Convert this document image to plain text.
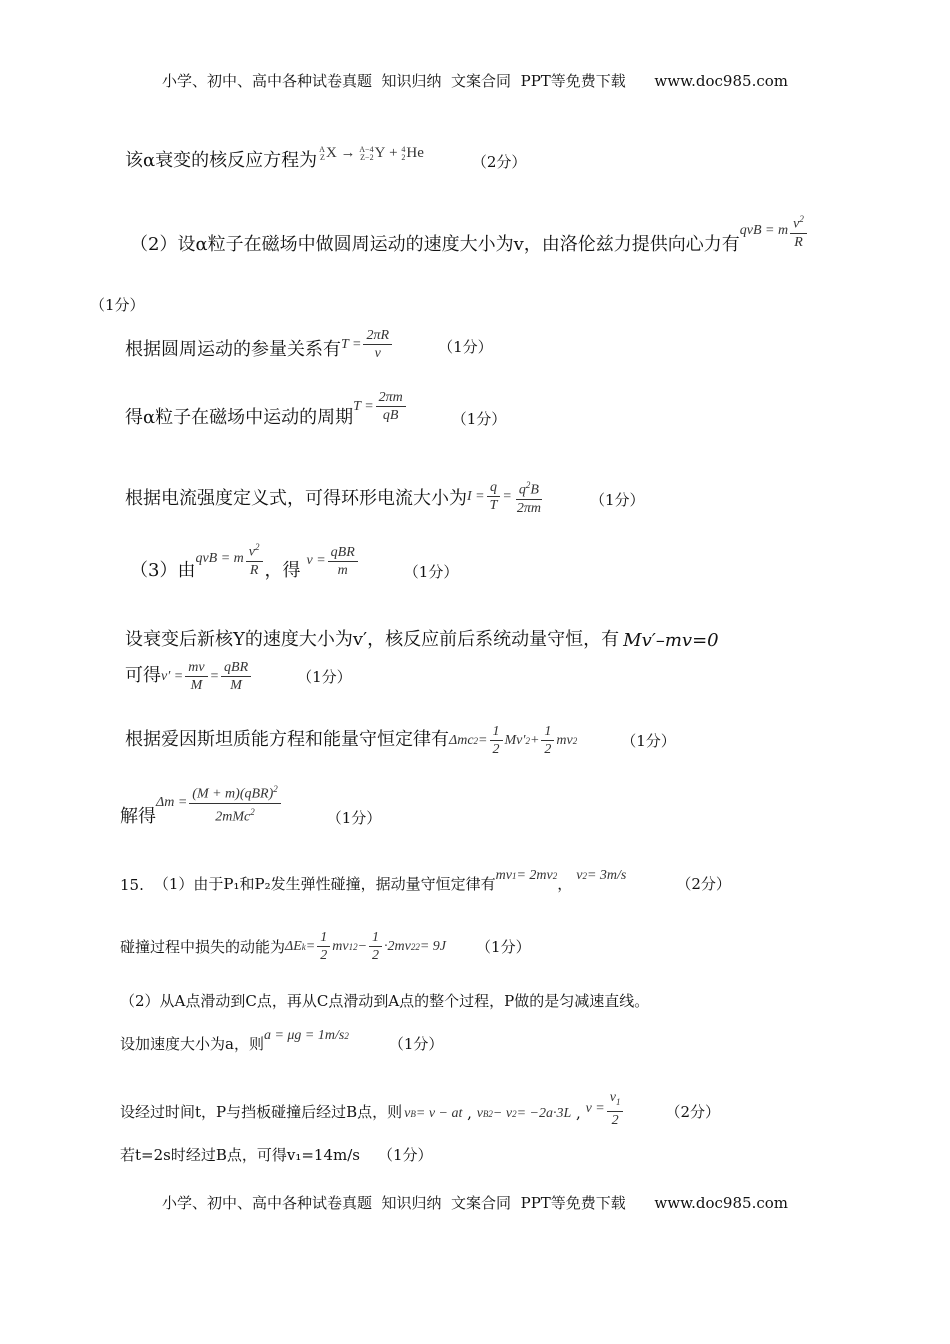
小学、初中、高中各种试卷真题  知识归纳  文案合同  PPT等免费下载      www.doc985.com
该α衰变的核反应方程为
A
Z X → A−4
Z−2 Y + 4
2 He	（2分）
（2）设α粒子在磁场中做圆周运动的速度大小为v，由洛伦兹力提供向心力有
qvB = m $\frac{v^2}{R}$
（1分）
根据圆周运动的参量关系有 $T = \frac{2\pi R}{v}$	（1分）
得α粒子在磁场中运动的周期
$T = \frac{2\pi m}{qB}$	（1分）
根据电流强度定义式，可得环形电流大小为 $I = \frac{q}{T} = \frac{q^2B}{2\pi m}$	（1分）
（3）由
qvB = m $\frac{v^2}{R}$ ，得 $v = \frac{\text{qBR}}{m}$	（1分）
设衰变后新核Y的速度大小为v′，核反应前后系统动量守恒，有 Mv′–mv=0
可得 $v' = \frac{mv}{M} = \frac{\text{qBR}}{M}$	（1分）
根据爱因斯坦质能方程和能量守恒定律有 Δmc $2 = \frac{1}{2} Mv'$ $2 + \frac{1}{2}$ mv 2	（1分）
解得
$\Delta m = \frac{(M + m)(qBR)^2}{2mMc^2}$	（1分）
15. （1）由于P₁和P₂发生弹性碰撞，据动量守恒定律有 mv 1 = 2mv 2 ， v 2 = 3m/s	（2分）
碰撞过程中损失的动能为 ΔE $k = \frac{1}{2}$ mv 1 $2 - \frac{1}{2} \cdot 2mv$ 2 2 = 9J （1分）
（2）从A点滑动到C点，再从C点滑动到A点的整个过程，P做的是匀减速直线。
设加速度大小为a，则 a = μg = 1m/s 2	（1分）
设经过时间t，P与挡板碰撞后经过B点，则 v B = v − at , v B 2 − v 2 = −2a·3L , $v = \frac{v_1}{2}$	（2分）
若t=2s时经过B点，可得v₁=14m/s （1分）
小学、初中、高中各种试卷真题  知识归纳  文案合同  PPT等免费下载      www.doc985.com
